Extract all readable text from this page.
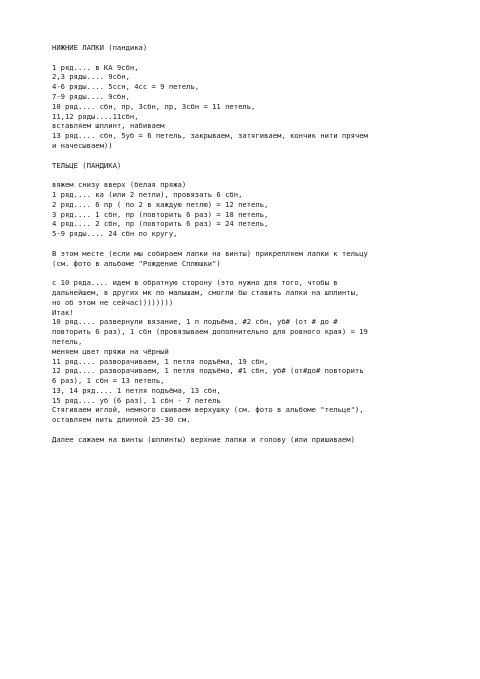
НИЖНИЕ ЛАПКИ (пандика)
1 ряд.... в КА 9сбн,
2,3 ряды.... 9сбн,
4-6 ряды.... 5ссн, 4сс = 9 петель,
7-9 ряды.... 9сбн,
10 ряд.... сбн, пр, 3сбн, пр, 3сбн = 11 петель,
11,12 ряды....11сбн,
вставляем шплинт, набиваем
13 ряд.... сбн, 5уб = 6 петель, закрываем, затягиваем, кончик нити прячем
и начесываем))
ТЕЛЬЦЕ (ПАНДИКА)
вяжем снизу вверх (белая пряжа)
1 ряд.... ка (или 2 петли), провязать 6 сбн,
2 ряд.... 6 пр ( по 2 в каждую петлю) = 12 петель,
3 ряд.... 1 сбн, пр (повторить 6 раз) = 18 петель,
4 ряд.... 2 сбн, пр (повторить 6 раз) = 24 петель,
5-9 ряды.... 24 сбн по кругу,
В этом месте (если мы собираем лапки на винты) прикрепляем лапки к тельцу
(см. фото в альбоме "Рождение Сплюшки")
с 10 ряда.... идем в обратную сторону (это нужно для того, чтобы в
дальнейшем, в других мк по малышам, смогли бы ставить лапки на шплинты,
но об этом не сейчас))))))))
Итак!
10 ряд.... развернули вязание, 1 п подъёма, #2 сбн, уб# (от # до #
повторить 6 раз), 1 сбн (провязываем дополнительно для ровного края) = 19
петель,
меняем цвет пряжи на чёрный
11 ряд.... разворачиваем, 1 петля подъёма, 19 сбн,
12 ряд.... разворачиваем, 1 петля подъёма, #1 сбн, уб# (от#до# повторить
6 раз), 1 сбн = 13 петель,
13, 14 ряд.... 1 петля подъёма, 13 сбн,
15 ряд.... уб (6 раз), 1 сбн - 7 петель
Стягиваем иглой, немного сшиваем верхушку (см. фото в альбоме "тельце"),
оставляем нить длинной 25-30 см.
Далее сажаем на винты (шплинты) верхние лапки и голову (или пришиваем)
